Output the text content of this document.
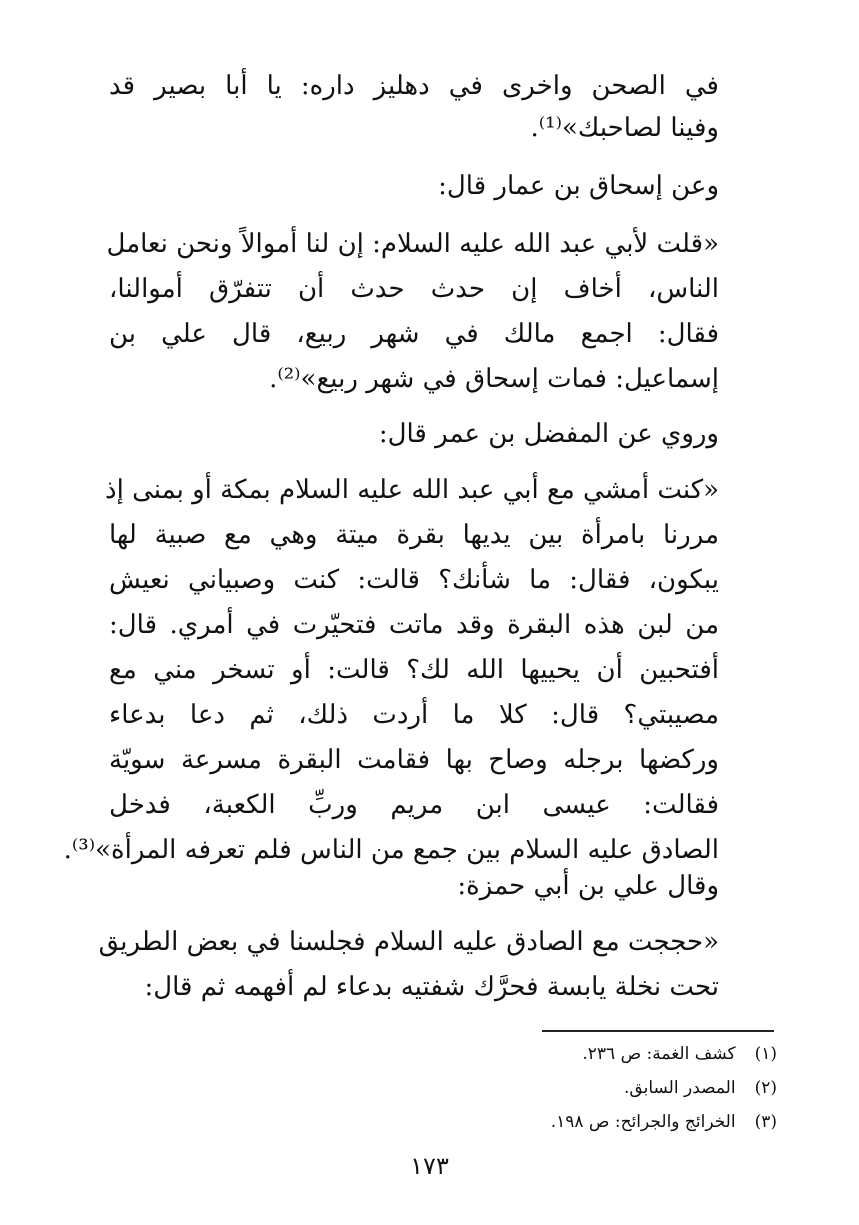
في الصحن واخرى في دهليز داره: يا أبا بصير قد
وفينا لصاحبك»⁽¹⁾.
وعن إسحاق بن عمار قال:
«قلت لأبي عبد الله عليه السلام: إن لنا أموالاً ونحن نعامل
الناس، أخاف إن حدث حدث أن تتفرّق أموالنا،
فقال: اجمع مالك في شهر ربيع، قال علي بن
إسماعيل: فمات إسحاق في شهر ربيع»⁽²⁾.
وروي عن المفضل بن عمر قال:
«كنت أمشي مع أبي عبد الله عليه السلام بمكة أو بمنى إذ
مررنا بامرأة بين يديها بقرة ميتة وهي مع صبية لها
يبكون، فقال: ما شأنك؟ قالت: كنت وصبياني نعيش
من لبن هذه البقرة وقد ماتت فتحيّرت في أمري. قال:
أفتحبين أن يحييها الله لك؟ قالت: أو تسخر مني مع
مصيبتي؟ قال: كلا ما أردت ذلك، ثم دعا بدعاء
وركضها برجله وصاح بها فقامت البقرة مسرعة سويّة
فقالت: عيسى ابن مريم وربِّ الكعبة، فدخل
الصادق عليه السلام بين جمع من الناس فلم تعرفه المرأة»⁽³⁾.
وقال علي بن أبي حمزة:
«حججت مع الصادق عليه السلام فجلسنا في بعض الطريق
تحت نخلة يابسة فحرَّك شفتيه بدعاء لم أفهمه ثم قال:
(١) كشف الغمة: ص ٢٣٦.
(٢) المصدر السابق.
(٣) الخرائج والجرائح: ص ١٩٨.
١٧٣
